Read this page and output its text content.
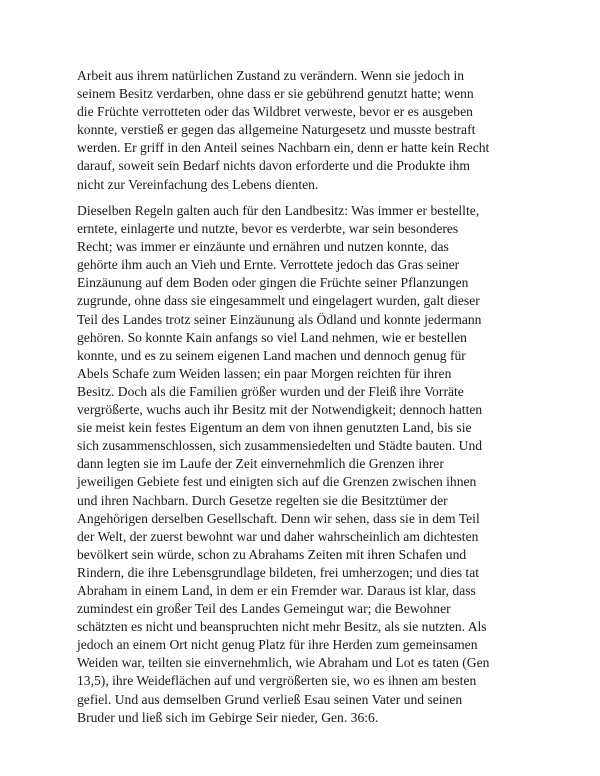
Arbeit aus ihrem natürlichen Zustand zu verändern. Wenn sie jedoch in
seinem Besitz verdarben, ohne dass er sie gebührend genutzt hatte; wenn
die Früchte verrotteten oder das Wildbret verweste, bevor er es ausgeben
konnte, verstieß er gegen das allgemeine Naturgesetz und musste bestraft
werden. Er griff in den Anteil seines Nachbarn ein, denn er hatte kein Recht
darauf, soweit sein Bedarf nichts davon erforderte und die Produkte ihm
nicht zur Vereinfachung des Lebens dienten.

Dieselben Regeln galten auch für den Landbesitz: Was immer er bestellte,
erntete, einlagerte und nutzte, bevor es verderbte, war sein besonderes
Recht; was immer er einzäunte und ernähren und nutzen konnte, das
gehörte ihm auch an Vieh und Ernte. Verrottete jedoch das Gras seiner
Einzäunung auf dem Boden oder gingen die Früchte seiner Pflanzungen
zugrunde, ohne dass sie eingesammelt und eingelagert wurden, galt dieser
Teil des Landes trotz seiner Einzäunung als Ödland und konnte jedermann
gehören. So konnte Kain anfangs so viel Land nehmen, wie er bestellen
konnte, und es zu seinem eigenen Land machen und dennoch genug für
Abels Schafe zum Weiden lassen; ein paar Morgen reichten für ihren
Besitz. Doch als die Familien größer wurden und der Fleiß ihre Vorräte
vergrößerte, wuchs auch ihr Besitz mit der Notwendigkeit; dennoch hatten
sie meist kein festes Eigentum an dem von ihnen genutzten Land, bis sie
sich zusammenschlossen, sich zusammensiedelten und Städte bauten. Und
dann legten sie im Laufe der Zeit einvernehmlich die Grenzen ihrer
jeweiligen Gebiete fest und einigten sich auf die Grenzen zwischen ihnen
und ihren Nachbarn. Durch Gesetze regelten sie die Besitztümer der
Angehörigen derselben Gesellschaft. Denn wir sehen, dass sie in dem Teil
der Welt, der zuerst bewohnt war und daher wahrscheinlich am dichtesten
bevölkert sein würde, schon zu Abrahams Zeiten mit ihren Schafen und
Rindern, die ihre Lebensgrundlage bildeten, frei umherzogen; und dies tat
Abraham in einem Land, in dem er ein Fremder war. Daraus ist klar, dass
zumindest ein großer Teil des Landes Gemeingut war; die Bewohner
schätzten es nicht und beanspruchten nicht mehr Besitz, als sie nutzten. Als
jedoch an einem Ort nicht genug Platz für ihre Herden zum gemeinsamen
Weiden war, teilten sie einvernehmlich, wie Abraham und Lot es taten (Gen
13,5), ihre Weideflächen auf und vergrößerten sie, wo es ihnen am besten
gefiel. Und aus demselben Grund verließ Esau seinen Vater und seinen
Bruder und ließ sich im Gebirge Seir nieder, Gen. 36:6.
